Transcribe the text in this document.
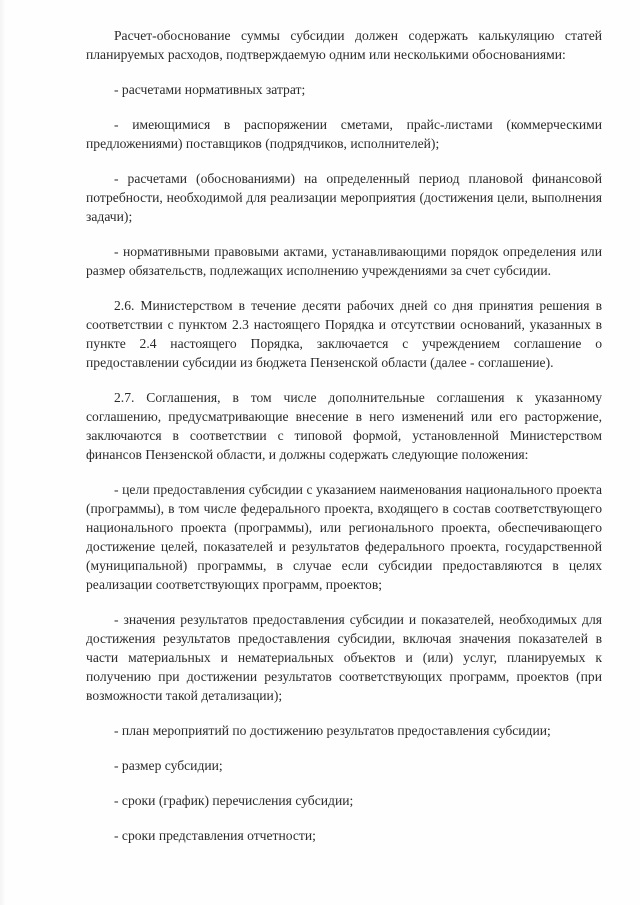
Расчет-обоснование суммы субсидии должен содержать калькуляцию статей планируемых расходов, подтверждаемую одним или несколькими обоснованиями:

- расчетами нормативных затрат;

- имеющимися в распоряжении сметами, прайс-листами (коммерческими предложениями) поставщиков (подрядчиков, исполнителей);

- расчетами (обоснованиями) на определенный период плановой финансовой потребности, необходимой для реализации мероприятия (достижения цели, выполнения задачи);

- нормативными правовыми актами, устанавливающими порядок определения или размер обязательств, подлежащих исполнению учреждениями за счет субсидии.

2.6. Министерством в течение десяти рабочих дней со дня принятия решения в соответствии с пунктом 2.3 настоящего Порядка и отсутствии оснований, указанных в пункте 2.4 настоящего Порядка, заключается с учреждением соглашение о предоставлении субсидии из бюджета Пензенской области (далее - соглашение).

2.7. Соглашения, в том числе дополнительные соглашения к указанному соглашению, предусматривающие внесение в него изменений или его расторжение, заключаются в соответствии с типовой формой, установленной Министерством финансов Пензенской области, и должны содержать следующие положения:

- цели предоставления субсидии с указанием наименования национального проекта (программы), в том числе федерального проекта, входящего в состав соответствующего национального проекта (программы), или регионального проекта, обеспечивающего достижение целей, показателей и результатов федерального проекта, государственной (муниципальной) программы, в случае если субсидии предоставляются в целях реализации соответствующих программ, проектов;

- значения результатов предоставления субсидии и показателей, необходимых для достижения результатов предоставления субсидии, включая значения показателей в части материальных и нематериальных объектов и (или) услуг, планируемых к получению при достижении результатов соответствующих программ, проектов (при возможности такой детализации);

- план мероприятий по достижению результатов предоставления субсидии;

- размер субсидии;

- сроки (график) перечисления субсидии;

- сроки представления отчетности;
